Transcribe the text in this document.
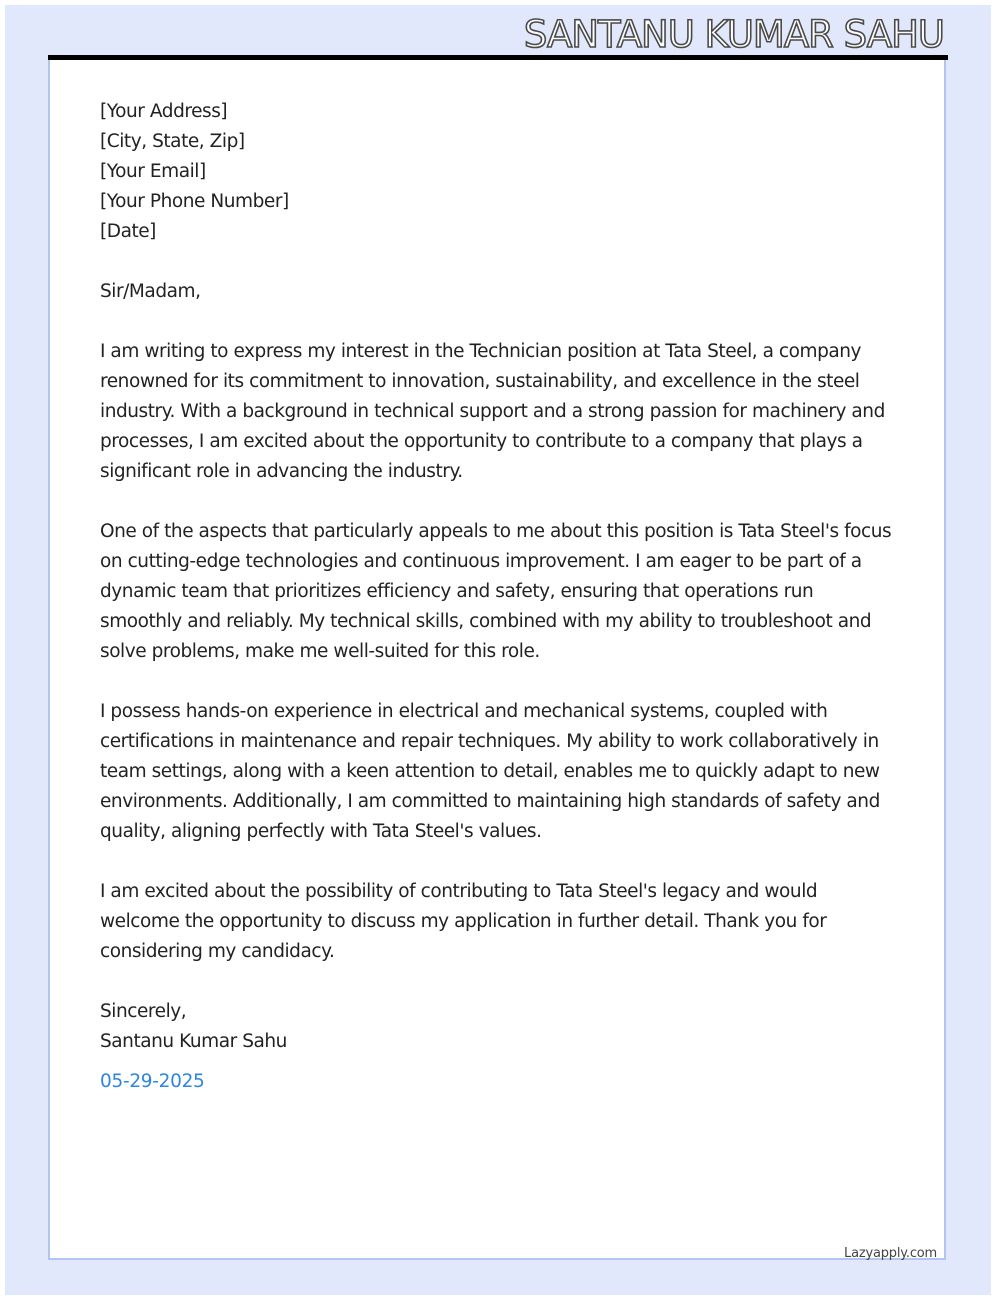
SANTANU KUMAR SAHU
[Your Address]
[City, State, Zip]
[Your Email]
[Your Phone Number]
[Date]

Sir/Madam,

I am writing to express my interest in the Technician position at Tata Steel, a company renowned for its commitment to innovation, sustainability, and excellence in the steel industry. With a background in technical support and a strong passion for machinery and processes, I am excited about the opportunity to contribute to a company that plays a significant role in advancing the industry.

One of the aspects that particularly appeals to me about this position is Tata Steel's focus on cutting-edge technologies and continuous improvement. I am eager to be part of a dynamic team that prioritizes efficiency and safety, ensuring that operations run smoothly and reliably. My technical skills, combined with my ability to troubleshoot and solve problems, make me well-suited for this role.

I possess hands-on experience in electrical and mechanical systems, coupled with certifications in maintenance and repair techniques. My ability to work collaboratively in team settings, along with a keen attention to detail, enables me to quickly adapt to new environments. Additionally, I am committed to maintaining high standards of safety and quality, aligning perfectly with Tata Steel's values.

I am excited about the possibility of contributing to Tata Steel's legacy and would welcome the opportunity to discuss my application in further detail. Thank you for considering my candidacy.

Sincerely,
Santanu Kumar Sahu
05-29-2025
Lazyapply.com
